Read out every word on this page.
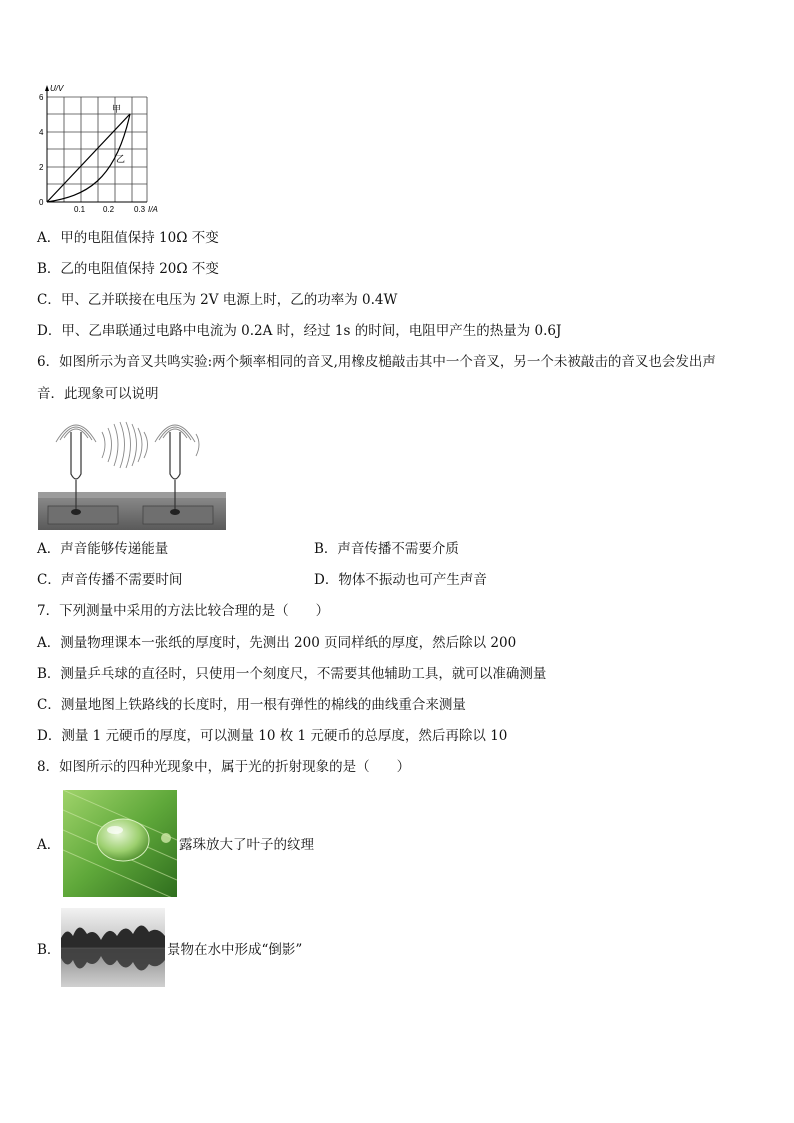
U/V
6
4
2
0
0.1 0.2 0.3 I/A
甲
乙
A．甲的电阻值保持 10Ω 不变
B．乙的电阻值保持 20Ω 不变
C．甲、乙并联接在电压为 2V 电源上时，乙的功率为 0.4W
D．甲、乙串联通过电路中电流为 0.2A 时，经过 1s 的时间，电阻甲产生的热量为 0.6J
6．如图所示为音叉共鸣实验:两个频率相同的音叉,用橡皮槌敲击其中一个音叉，另一个未被敲击的音叉也会发出声
音．此现象可以说明
A．声音能够传递能量	B．声音传播不需要介质
C．声音传播不需要时间	D．物体不振动也可产生声音
7．下列测量中采用的方法比较合理的是（　　）
A．测量物理课本一张纸的厚度时，先测出 200 页同样纸的厚度，然后除以 200
B．测量乒乓球的直径时，只使用一个刻度尺，不需要其他辅助工具，就可以准确测量
C．测量地图上铁路线的长度时，用一根有弹性的棉线的曲线重合来测量
D．测量 1 元硬币的厚度，可以测量 10 枚 1 元硬币的总厚度，然后再除以 10
8．如图所示的四种光现象中，属于光的折射现象的是（　　）
A．	露珠放大了叶子的纹理
B．	景物在水中形成“倒影”
